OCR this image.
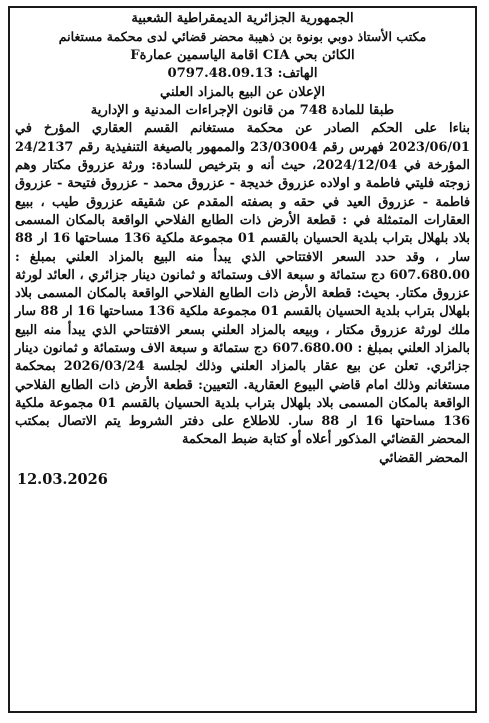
الجمهورية الجزائرية الديمقراطية الشعبية

مكتب الأستاذ دوبي بونوة بن ذهيبة محضر قضائي لدى محكمة مستغانم

الكائن بحي CIA اقامة الياسمين عمارةF

الهاتف: 0797.48.09.13

الإعلان عن البيع بالمزاد العلني

طبقا للمادة 748 من قانون الإجراءات المدنية و الإدارية

بناءا على الحكم الصادر عن محكمة مستغانم القسم العقاري المؤرخ في 2023/06/01 فهرس رقم 23/03004 والممهور بالصيغة التنفيذية رقم 24/2137 المؤرخة في 2024/12/04، حيث أنه و بترخيص للسادة: ورثة عزروق مكتار وهم زوجته فليتي فاطمة و اولاده عزروق خديجة - عزروق محمد - عزروق فتيحة - عزروق فاطمة - عزروق العيد في حقه و بصفته المقدم عن شقيقه عزروق طيب ، ببيع العقارات المتمثلة في : قطعة الأرض ذات الطابع الفلاحي الواقعة بالمكان المسمى بلاد بلهلال بتراب بلدية الحسيان بالقسم 01 مجموعة ملكية 136 مساحتها 16 ار 88 سار ، وقد حدد السعر الافتتاحي الذي يبدأ منه البيع بالمزاد العلني بمبلغ : 607.680.00 دج ستمائة و سبعة الاف وستمائة و ثمانون دينار جزائري ، العائد لورثة عزروق مكتار. بحيث: قطعة الأرض ذات الطابع الفلاحي الواقعة بالمكان المسمى بلاد بلهلال بتراب بلدية الحسيان بالقسم 01 مجموعة ملكية 136 مساحتها 16 ار 88 سار ملك لورثة عزروق مكتار ، وبيعه بالمزاد العلني بسعر الافتتاحي الذي يبدأ منه البيع بالمزاد العلني بمبلغ : 607.680.00 دج ستمائة و سبعة الاف وستمائة و ثمانون دينار جزائري. تعلن عن بيع عقار بالمزاد العلني وذلك لجلسة 2026/03/24 بمحكمة مستغانم وذلك امام قاضي البيوع العقارية. التعيين: قطعة الأرض ذات الطابع الفلاحي الواقعة بالمكان المسمى بلاد بلهلال بتراب بلدية الحسيان بالقسم 01 مجموعة ملكية 136 مساحتها 16 ار 88 سار. للاطلاع على دفتر الشروط يتم الاتصال بمكتب المحضر القضائي المذكور أعلاه أو كتابة ضبط المحكمة

المحضر القضائي

12.03.2026
